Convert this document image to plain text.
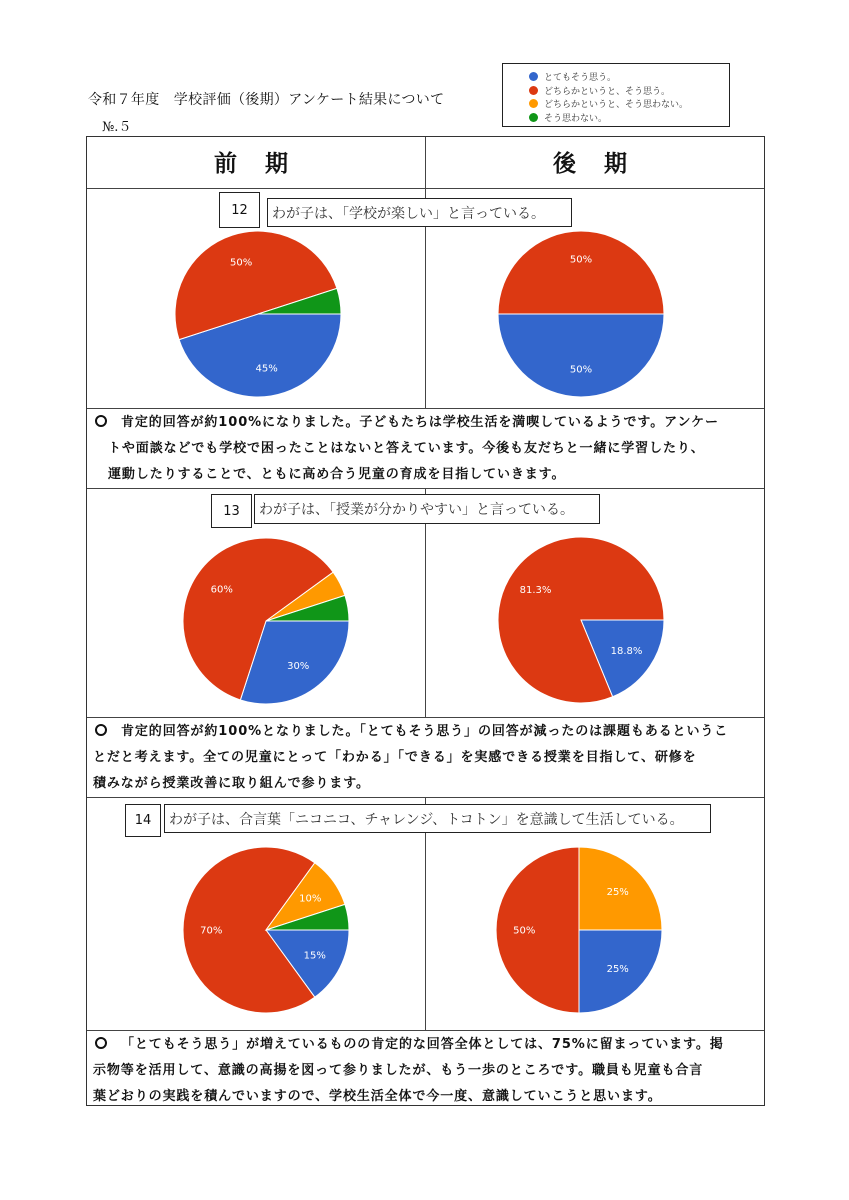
令和７年度　学校評価（後期）アンケート結果について
№.５
とてもそう思う。
どちらかというと、そう思う。
どちらかというと、そう思わない。
そう思わない。
前 期	後 期
12	わが子は、「学校が楽しい」と言っている。
肯定的回答が約100%になりました。子どもたちは学校生活を満喫しているようです。アンケー
トや面談などでも学校で困ったことはないと答えています。今後も友だちと一緒に学習したり、
運動したりすることで、ともに高め合う児童の育成を目指していきます。
13	わが子は、「授業が分かりやすい」と言っている。
肯定的回答が約100%となりました。「とてもそう思う」の回答が減ったのは課題もあるというこ
とだと考えます。全ての児童にとって「わかる」「できる」を実感できる授業を目指して、研修を
積みながら授業改善に取り組んで参ります。
14	わが子は、合言葉「ニコニコ、チャレンジ、トコトン」を意識して生活している。
「とてもそう思う」が増えているものの肯定的な回答全体としては、75%に留まっています。掲
示物等を活用して、意識の高揚を図って参りましたが、もう一歩のところです。職員も児童も合言
葉どおりの実践を積んでいますので、学校生活全体で今一度、意識していこうと思います。
45%
50%
50%
50%
30%
60%
18.8%
81.3%
15%
70%
10%
25%
50%
25%
